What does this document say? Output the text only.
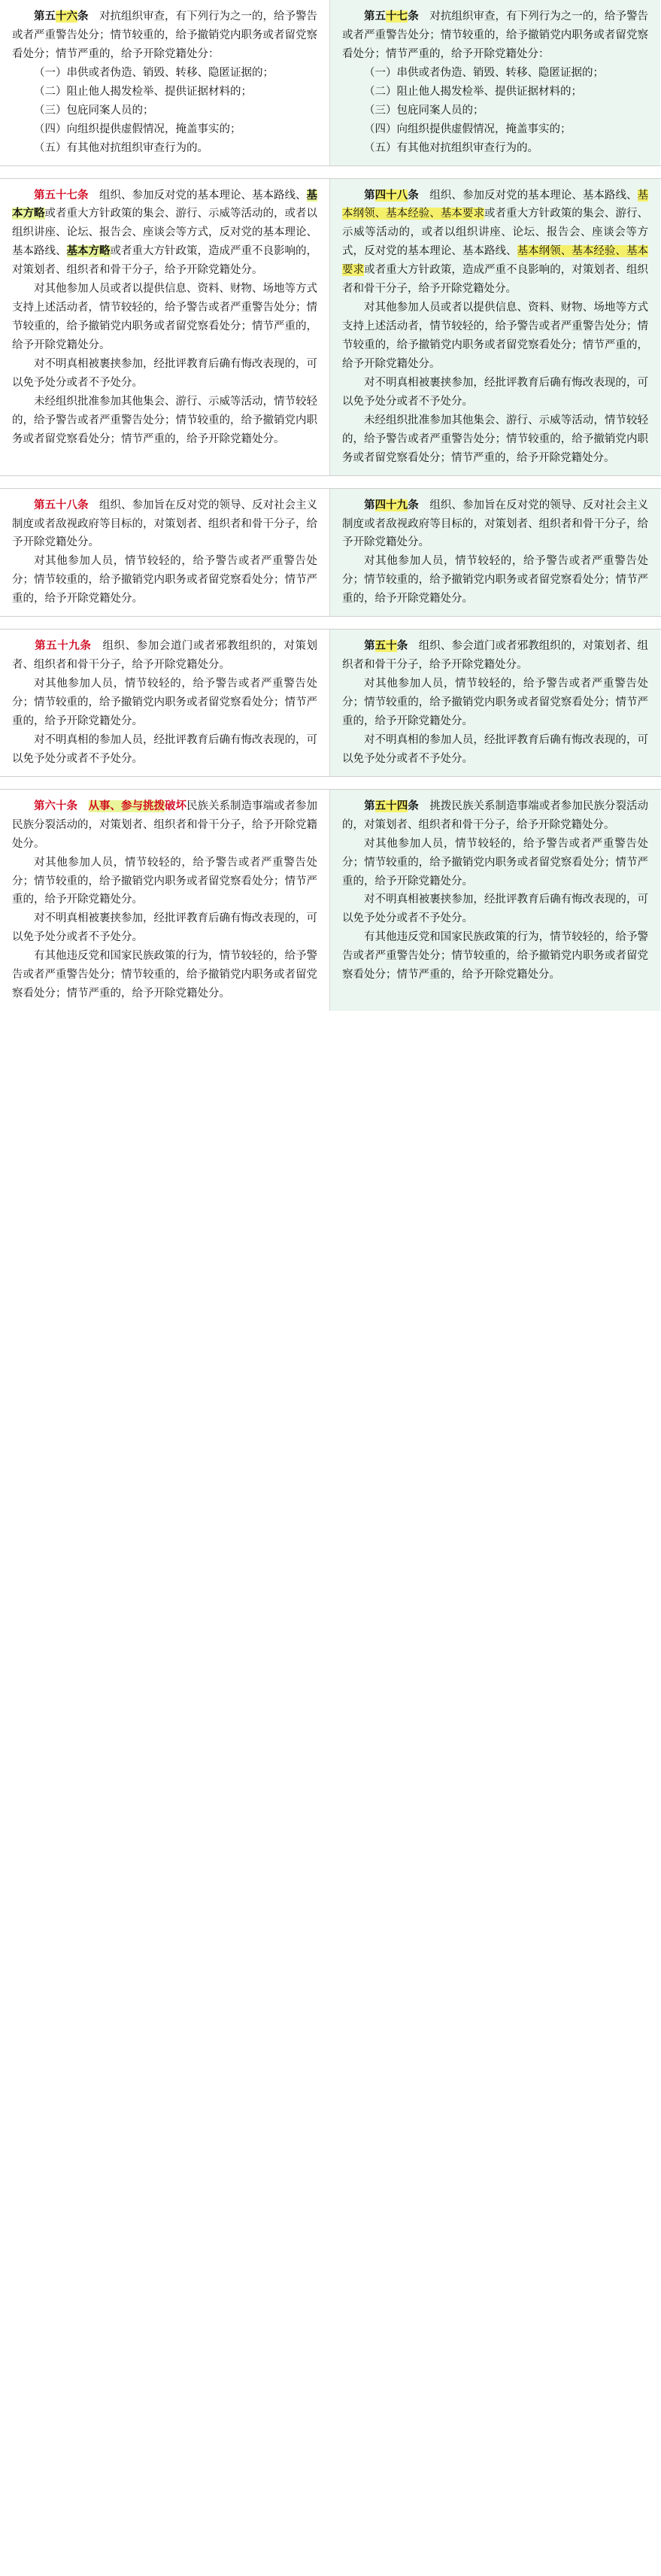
第五十六条　对抗组织审查，有下列行为之一的，给予警告或者严重警告处分；情节较重的，给予撤销党内职务或者留党察看处分；情节严重的，给予开除党籍处分：

（一）串供或者伪造、销毁、转移、隐匿证据的；

（二）阻止他人揭发检举、提供证据材料的；

（三）包庇同案人员的；

（四）向组织提供虚假情况，掩盖事实的；

（五）有其他对抗组织审查行为的。

第五十七条　对抗组织审查，有下列行为之一的，给予警告或者严重警告处分；情节较重的，给予撤销党内职务或者留党察看处分；情节严重的，给予开除党籍处分：

（一）串供或者伪造、销毁、转移、隐匿证据的；

（二）阻止他人揭发检举、提供证据材料的；

（三）包庇同案人员的；

（四）向组织提供虚假情况，掩盖事实的；

（五）有其他对抗组织审查行为的。

　　第五十七条　组织、参加反对党的基本理论、基本路线、基本方略或者重大方针政策的集会、游行、示威等活动的，或者以组织讲座、论坛、报告会、座谈会等方式，反对党的基本理论、基本路线、基本方略或者重大方针政策，造成严重不良影响的，对策划者、组织者和骨干分子，给予开除党籍处分。

对其他参加人员或者以提供信息、资料、财物、场地等方式支持上述活动者，情节较轻的，给予警告或者严重警告处分；情节较重的，给予撤销党内职务或者留党察看处分；情节严重的，给予开除党籍处分。

对不明真相被裹挟参加，经批评教育后确有悔改表现的，可以免予处分或者不予处分。

未经组织批准参加其他集会、游行、示威等活动，情节较轻的，给予警告或者严重警告处分；情节较重的，给予撤销党内职务或者留党察看处分；情节严重的，给予开除党籍处分。

　　第四十八条　组织、参加反对党的基本理论、基本路线、基本纲领、基本经验、基本要求或者重大方针政策的集会、游行、示威等活动的，或者以组织讲座、论坛、报告会、座谈会等方式，反对党的基本理论、基本路线、基本纲领、基本经验、基本要求或者重大方针政策，造成严重不良影响的，对策划者、组织者和骨干分子，给予开除党籍处分。

对其他参加人员或者以提供信息、资料、财物、场地等方式支持上述活动者，情节较轻的，给予警告或者严重警告处分；情节较重的，给予撤销党内职务或者留党察看处分；情节严重的，给予开除党籍处分。

对不明真相被裹挟参加，经批评教育后确有悔改表现的，可以免予处分或者不予处分。

未经组织批准参加其他集会、游行、示威等活动，情节较轻的，给予警告或者严重警告处分；情节较重的，给予撤销党内职务或者留党察看处分；情节严重的，给予开除党籍处分。

　　第五十八条　组织、参加旨在反对党的领导、反对社会主义制度或者敌视政府等目标的，对策划者、组织者和骨干分子，给予开除党籍处分。

对其他参加人员，情节较轻的，给予警告或者严重警告处分；情节较重的，给予撤销党内职务或者留党察看处分；情节严重的，给予开除党籍处分。

　　第四十九条　组织、参加旨在反对党的领导、反对社会主义制度或者敌视政府等目标的，对策划者、组织者和骨干分子，给予开除党籍处分。

对其他参加人员，情节较轻的，给予警告或者严重警告处分；情节较重的，给予撤销党内职务或者留党察看处分；情节严重的，给予开除党籍处分。

　　第五十九条　组织、参加会道门或者邪教组织的，对策划者、组织者和骨干分子，给予开除党籍处分。

对其他参加人员，情节较轻的，给予警告或者严重警告处分；情节较重的，给予撤销党内职务或者留党察看处分；情节严重的，给予开除党籍处分。

对不明真相的参加人员，经批评教育后确有悔改表现的，可以免予处分或者不予处分。

　　第五十条　组织、参会道门或者邪教组织的，对策划者、组织者和骨干分子，给予开除党籍处分。

对其他参加人员，情节较轻的，给予警告或者严重警告处分；情节较重的，给予撤销党内职务或者留党察看处分；情节严重的，给予开除党籍处分。

对不明真相的参加人员，经批评教育后确有悔改表现的，可以免予处分或者不予处分。

　　第六十条　 从事、参与挑拨破坏民族关系制造事端或者参加民族分裂活动的，对策划者、组织者和骨干分子，给予开除党籍处分。

对其他参加人员，情节较轻的，给予警告或者严重警告处分；情节较重的，给予撤销党内职务或者留党察看处分；情节严重的，给予开除党籍处分。

对不明真相被裹挟参加，经批评教育后确有悔改表现的，可以免予处分或者不予处分。

有其他违反党和国家民族政策的行为，情节较轻的，给予警告或者严重警告处分；情节较重的，给予撤销党内职务或者留党察看处分；情节严重的，给予开除党籍处分。

　　第五十四条　挑拨民族关系制造事端或者参加民族分裂活动的，对策划者、组织者和骨干分子，给予开除党籍处分。

对其他参加人员，情节较轻的，给予警告或者严重警告处分；情节较重的，给予撤销党内职务或者留党察看处分；情节严重的，给予开除党籍处分。

对不明真相被裹挟参加，经批评教育后确有悔改表现的，可以免予处分或者不予处分。

有其他违反党和国家民族政策的行为，情节较轻的，给予警告或者严重警告处分；情节较重的，给予撤销党内职务或者留党察看处分；情节严重的，给予开除党籍处分。
